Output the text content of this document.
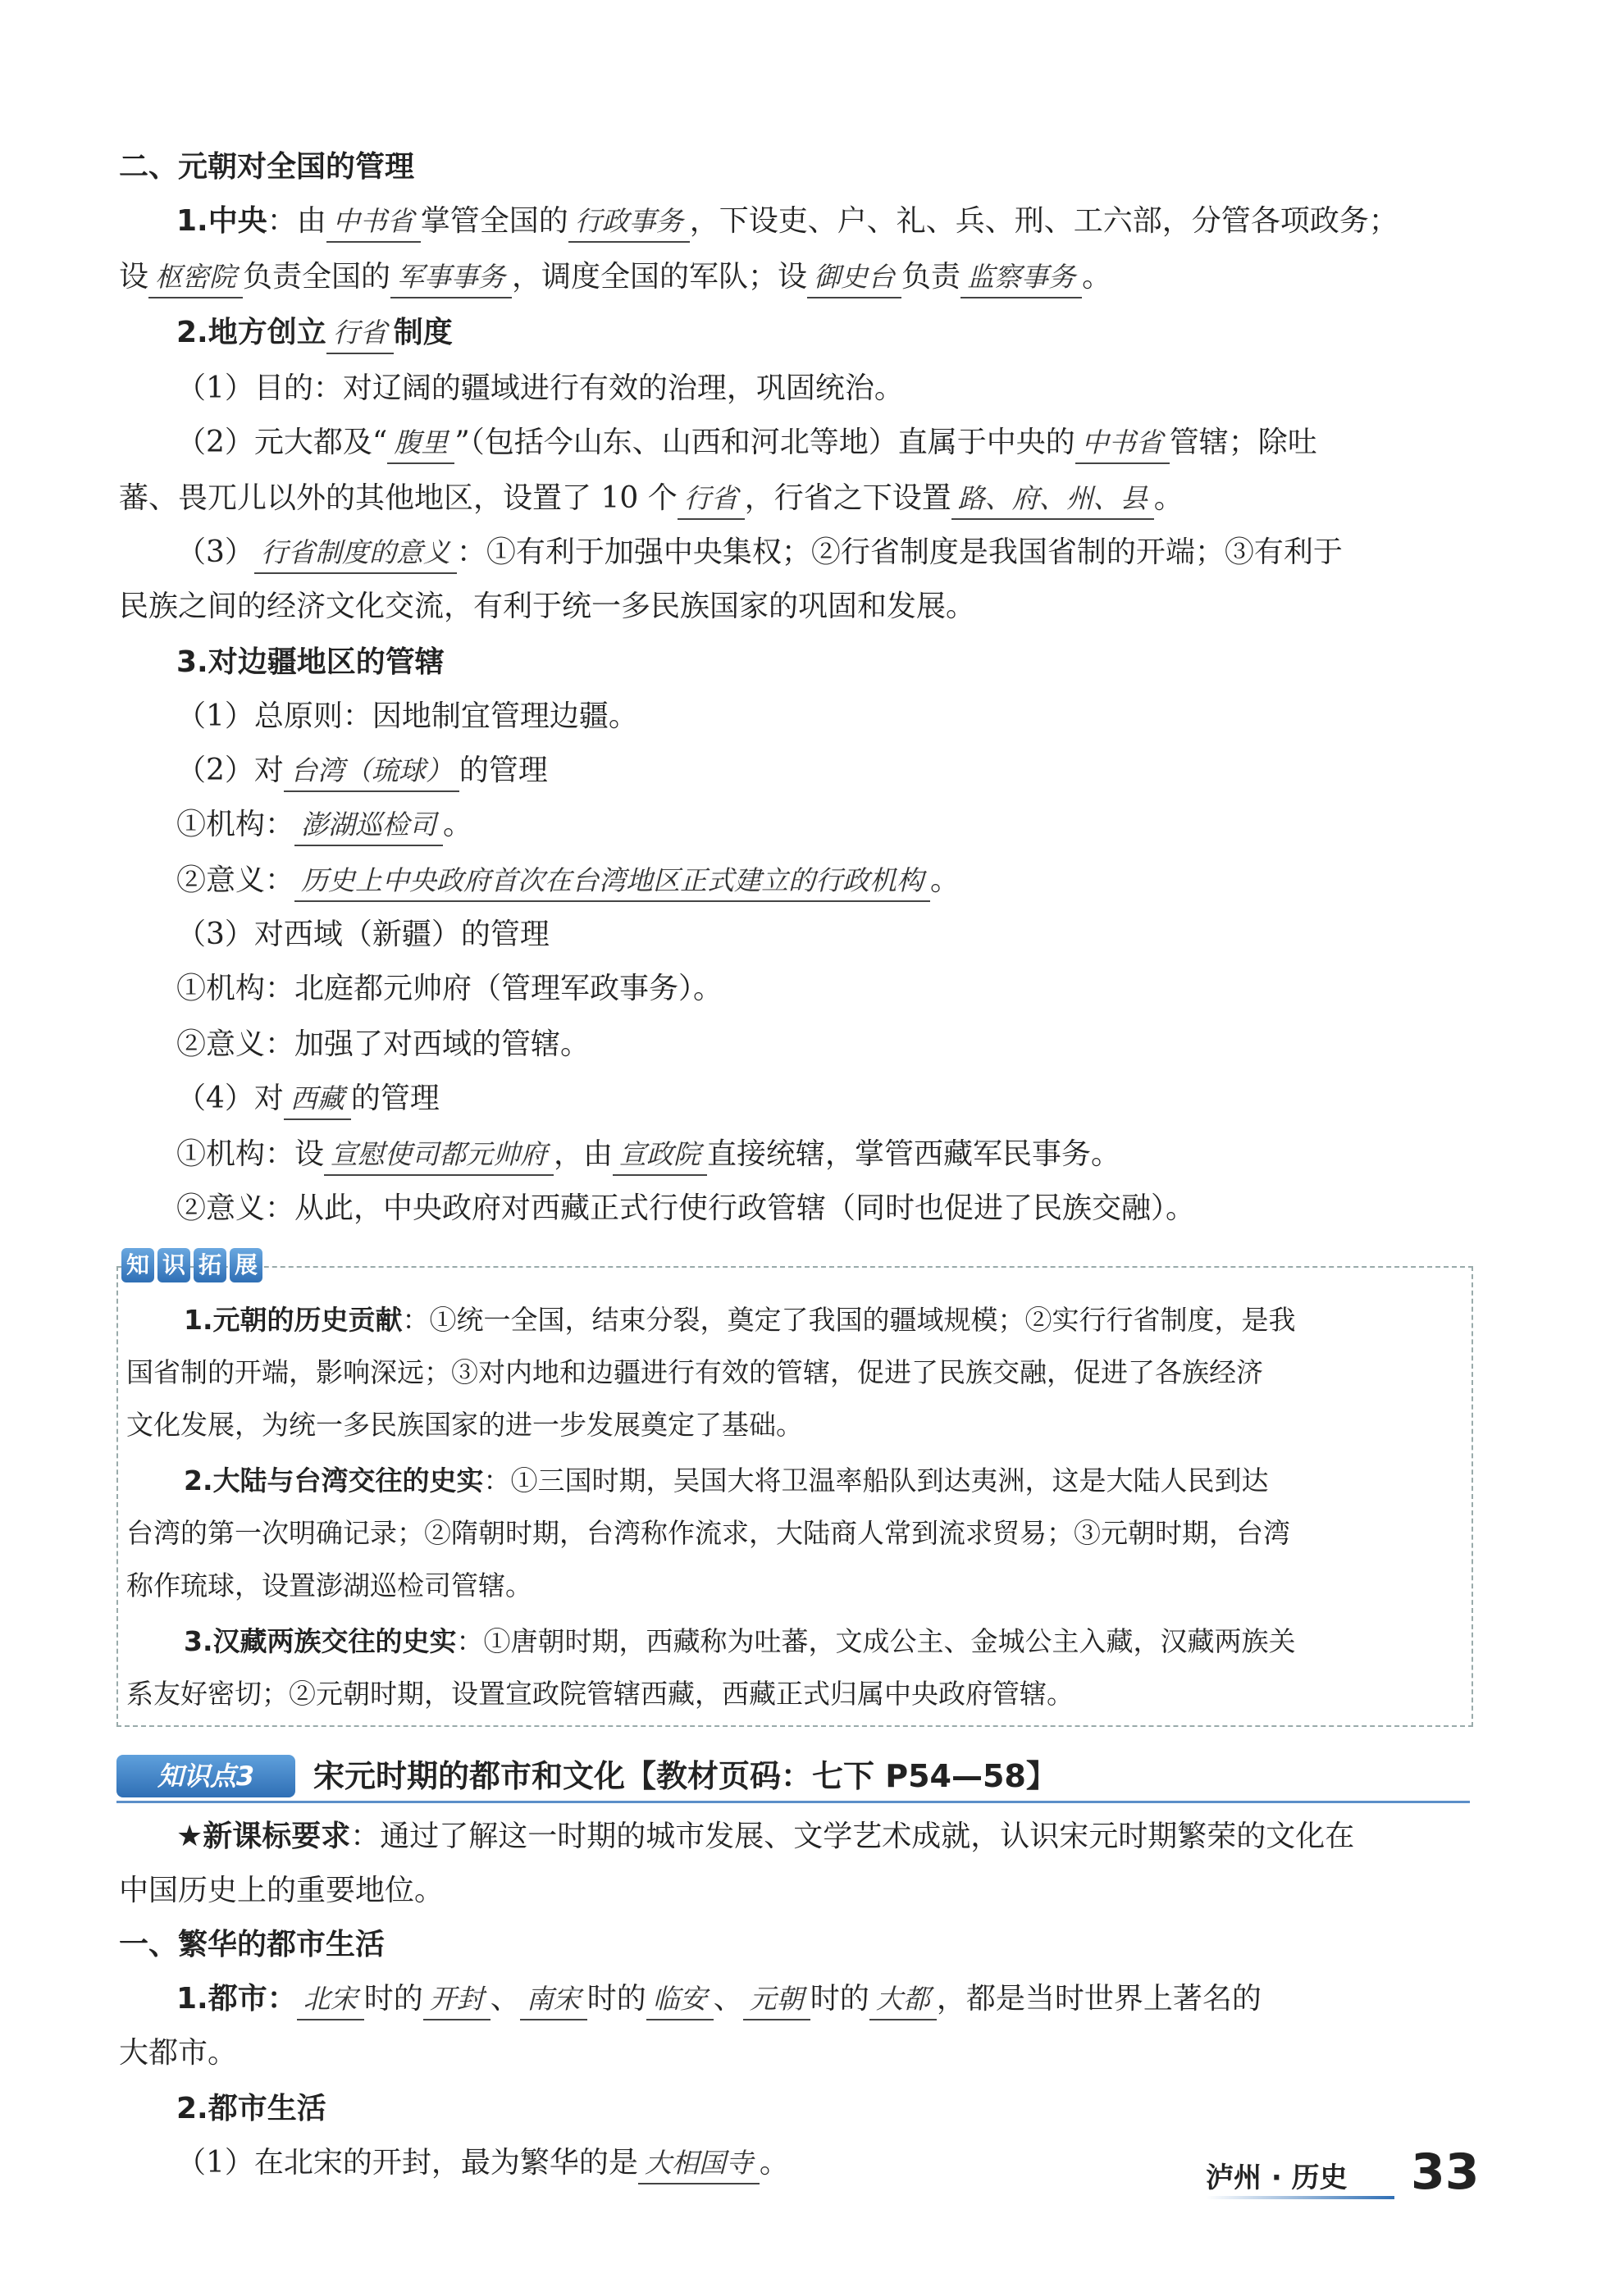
二、元朝对全国的管理
1.中央：由 中书省 掌管全国的 行政事务 ，下设吏、户、礼、兵、刑、工六部，分管各项政务；
设 枢密院 负责全国的 军事事务 ，调度全国的军队；设 御史台 负责 监察事务 。
2.地方创立 行省 制度
（1）目的：对辽阔的疆域进行有效的治理，巩固统治。
（2）元大都及“ 腹里 ”（包括今山东、山西和河北等地）直属于中央的 中书省 管辖；除吐
蕃、畏兀儿以外的其他地区，设置了 10 个 行省 ，行省之下设置 路、府、州、县 。
（3） 行省制度的意义 ：①有利于加强中央集权；②行省制度是我国省制的开端；③有利于
民族之间的经济文化交流，有利于统一多民族国家的巩固和发展。
3.对边疆地区的管辖
（1）总原则：因地制宜管理边疆。
（2）对 台湾（琉球） 的管理
①机构： 澎湖巡检司 。
②意义： 历史上中央政府首次在台湾地区正式建立的行政机构 。
（3）对西域（新疆）的管理
①机构：北庭都元帅府（管理军政事务）。
②意义：加强了对西域的管辖。
（4）对 西藏 的管理
①机构：设 宣慰使司都元帅府 ，由 宣政院 直接统辖，掌管西藏军民事务。
②意义：从此，中央政府对西藏正式行使行政管辖（同时也促进了民族交融）。
1.元朝的历史贡献：①统一全国，结束分裂，奠定了我国的疆域规模；②实行行省制度，是我
国省制的开端，影响深远；③对内地和边疆进行有效的管辖，促进了民族交融，促进了各族经济
文化发展，为统一多民族国家的进一步发展奠定了基础。
2.大陆与台湾交往的史实：①三国时期，吴国大将卫温率船队到达夷洲，这是大陆人民到达
台湾的第一次明确记录；②隋朝时期，台湾称作流求，大陆商人常到流求贸易；③元朝时期，台湾
称作琉球，设置澎湖巡检司管辖。
3.汉藏两族交往的史实：①唐朝时期，西藏称为吐蕃，文成公主、金城公主入藏，汉藏两族关
系友好密切；②元朝时期，设置宣政院管辖西藏，西藏正式归属中央政府管辖。
知 识 拓 展
知识点3	宋元时期的都市和文化【教材页码：七下 P54—58】
★新课标要求：通过了解这一时期的城市发展、文学艺术成就，认识宋元时期繁荣的文化在
中国历史上的重要地位。
一、繁华的都市生活
1.都市： 北宋 时的 开封 、 南宋 时的 临安 、 元朝 时的 大都 ，都是当时世界上著名的
大都市。
2.都市生活
（1）在北宋的开封，最为繁华的是 大相国寺 。	泸州 · 历史 33
